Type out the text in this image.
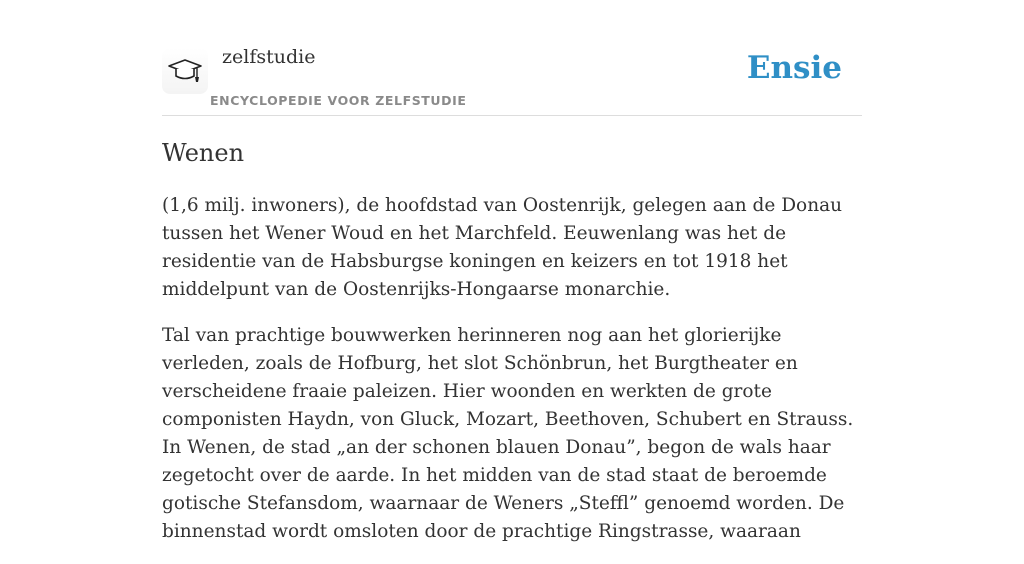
zelfstudie
ENCYCLOPEDIE VOOR ZELFSTUDIE
Ensie
Wenen

(1,6 milj. inwoners), de hoofdstad van Oostenrijk, gelegen aan de Donau tussen het Wener Woud en het Marchfeld. Eeuwenlang was het de residentie van de Habsburgse koningen en keizers en tot 1918 het middelpunt van de Oostenrijks-Hongaarse monarchie.

Tal van prachtige bouwwerken herinneren nog aan het glorierijke verleden, zoals de Hofburg, het slot Schönbrun, het Burgtheater en verscheidene fraaie paleizen. Hier woonden en werkten de grote componisten Haydn, von Gluck, Mozart, Beethoven, Schubert en Strauss. In Wenen, de stad „an der schonen blauen Donau”, begon de wals haar zegetocht over de aarde. In het midden van de stad staat de beroemde gotische Stefansdom, waarnaar de Weners „Steffl” genoemd worden. De binnenstad wordt omsloten door de prachtige Ringstrasse, waaraan
